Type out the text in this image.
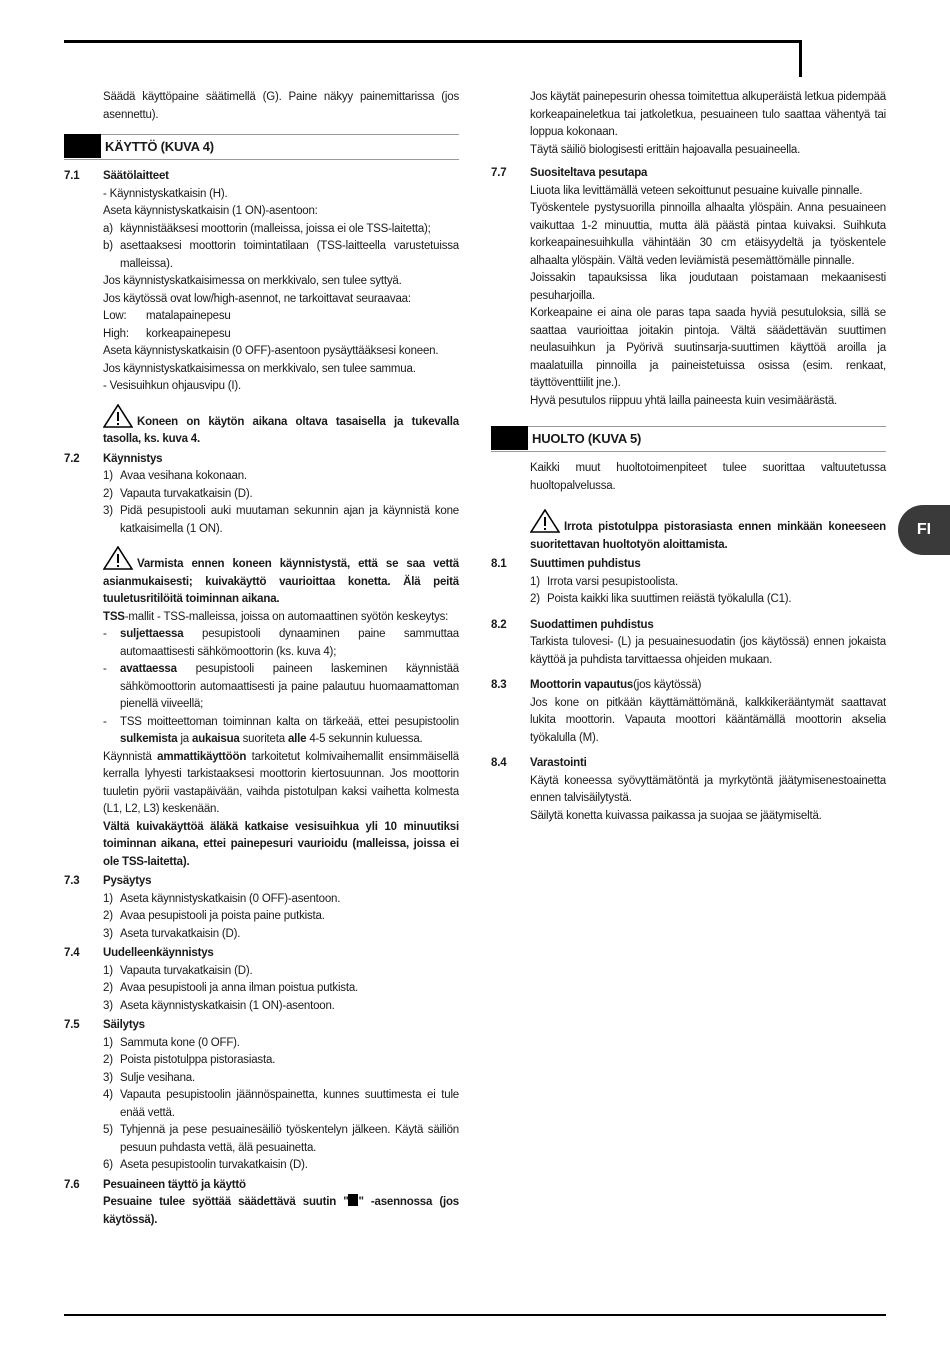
FI

Säädä käyttöpaine säätimellä (G). Paine näkyy painemittarissa (jos asennettu).

KÄYTTÖ (KUVA 4)
7.1	Säätölaitteet

- Käynnistyskatkaisin (H).

Aseta käynnistyskatkaisin (1 ON)-asentoon:

a) käynnistääksesi moottorin (malleissa, joissa ei ole TSS-laitetta);
b) asettaaksesi moottorin toimintatilaan (TSS-laitteella varustetuissa malleissa).

Jos käynnistyskatkaisimessa on merkkivalo, sen tulee syttyä.

Jos käytössä ovat low/high-asennot, ne tarkoittavat seuraavaa:

Low:	matalapainepesu
High:	korkeapainepesu

Aseta käynnistyskatkaisin (0 OFF)-asentoon pysäyttääksesi koneen.

Jos käynnistyskatkaisimessa on merkkivalo, sen tulee sammua.

- Vesisuihkun ohjausvipu (I).

Koneen on käytön aikana oltava tasaisella ja tukevalla tasolla, ks. kuva 4.
7.2	Käynnistys
1) Avaa vesihana kokonaan.
2) Vapauta turvakatkaisin (D).
3) Pidä pesupistooli auki muutaman sekunnin ajan ja käynnistä kone katkaisimella (1 ON).
Varmista ennen koneen käynnistystä, että se saa vettä asianmukaisesti; kuivakäyttö vaurioittaa konetta. Älä peitä tuuletusritilöitä toiminnan aikana.

TSS-mallit - TSS-malleissa, joissa on automaattinen syötön keskeytys:

-	suljettaessa pesupistooli dynaaminen paine sammuttaa automaattisesti sähkömoottorin (ks. kuva 4);
-	avattaessa pesupistooli paineen laskeminen käynnistää sähkömoottorin automaattisesti ja paine palautuu huomaamattoman pienellä viiveellä;
-	TSS moitteettoman toiminnan kalta on tärkeää, ettei pesupistoolin sulkemista ja aukaisua suoriteta alle 4-5 sekunnin kuluessa.

Käynnistä ammattikäyttöön tarkoitetut kolmivaihemallit ensimmäisellä kerralla lyhyesti tarkistaaksesi moottorin kiertosuunnan. Jos moottorin tuuletin pyörii vastapäivään, vaihda pistotulpan kaksi vaihetta kolmesta (L1, L2, L3) keskenään.

Vältä kuivakäyttöä äläkä katkaise vesisuihkua yli 10 minuutiksi toiminnan aikana, ettei painepesuri vaurioidu (malleissa, joissa ei ole TSS-laitetta).

7.3	Pysäytys
1) Aseta käynnistyskatkaisin (0 OFF)-asentoon.
2) Avaa pesupistooli ja poista paine putkista.
3) Aseta turvakatkaisin (D).
7.4	Uudelleenkäynnistys
1) Vapauta turvakatkaisin (D).
2) Avaa pesupistooli ja anna ilman poistua putkista.
3) Aseta käynnistyskatkaisin (1 ON)-asentoon.
7.5	Säilytys
1) Sammuta kone (0 OFF).
2) Poista pistotulppa pistorasiasta.
3) Sulje vesihana.
4) Vapauta pesupistoolin jäännöspainetta, kunnes suuttimesta ei tule enää vettä.
5) Tyhjennä ja pese pesuainesäiliö työskentelyn jälkeen. Käytä säiliön pesuun puhdasta vettä, älä pesuainetta.
6) Aseta pesupistoolin turvakatkaisin (D).
7.6	Pesuaineen täyttö ja käyttö

Pesuaine tulee syöttää säädettävä suutin " " -asennossa (jos käytössä).

Jos käytät painepesurin ohessa toimitettua alkuperäistä letkua pidempää korkeapaineletkua tai jatkoletkua, pesuaineen tulo saattaa vähentyä tai loppua kokonaan.

Täytä säiliö biologisesti erittäin hajoavalla pesuaineella.

7.7	Suositeltava pesutapa

Liuota lika levittämällä veteen sekoittunut pesuaine kuivalle pinnalle.

Työskentele pystysuorilla pinnoilla alhaalta ylöspäin. Anna pesuaineen vaikuttaa 1-2 minuuttia, mutta älä päästä pintaa kuivaksi. Suihkuta korkeapainesuihkulla vähintään 30 cm etäisyydeltä ja työskentele alhaalta ylöspäin. Vältä veden leviämistä pesemättömälle pinnalle.

Joissakin tapauksissa lika joudutaan poistamaan mekaanisesti pesuharjoilla.

Korkeapaine ei aina ole paras tapa saada hyviä pesutuloksia, sillä se saattaa vaurioittaa joitakin pintoja. Vältä säädettävän suuttimen neulasuihkun ja Pyörivä suutinsarja-suuttimen käyttöä aroilla ja maalatuilla pinnoilla ja paineistetuissa osissa (esim. renkaat, täyttöventtiilit jne.).

Hyvä pesutulos riippuu yhtä lailla paineesta kuin vesimäärästä.

HUOLTO (KUVA 5)

Kaikki muut huoltotoimenpiteet tulee suorittaa valtuutetussa huoltopalvelussa.

Irrota pistotulppa pistorasiasta ennen minkään koneeseen suoritettavan huoltotyön aloittamista.
8.1	Suuttimen puhdistus
1) Irrota varsi pesupistoolista.
2) Poista kaikki lika suuttimen reiästä työkalulla (C1).
8.2	Suodattimen puhdistus

Tarkista tulovesi- (L) ja pesuainesuodatin (jos käytössä) ennen jokaista käyttöä ja puhdista tarvittaessa ohjeiden mukaan.

8.3	Moottorin vapautus (jos käytössä)

Jos kone on pitkään käyttämättömänä, kalkkikerääntymät saattavat lukita moottorin. Vapauta moottori kääntämällä moottorin akselia työkalulla (M).

8.4	Varastointi

Käytä koneessa syövyttämätöntä ja myrkytöntä jäätymisenestoainetta ennen talvisäilytystä.

Säilytä konetta kuivassa paikassa ja suojaa se jäätymiseltä.
